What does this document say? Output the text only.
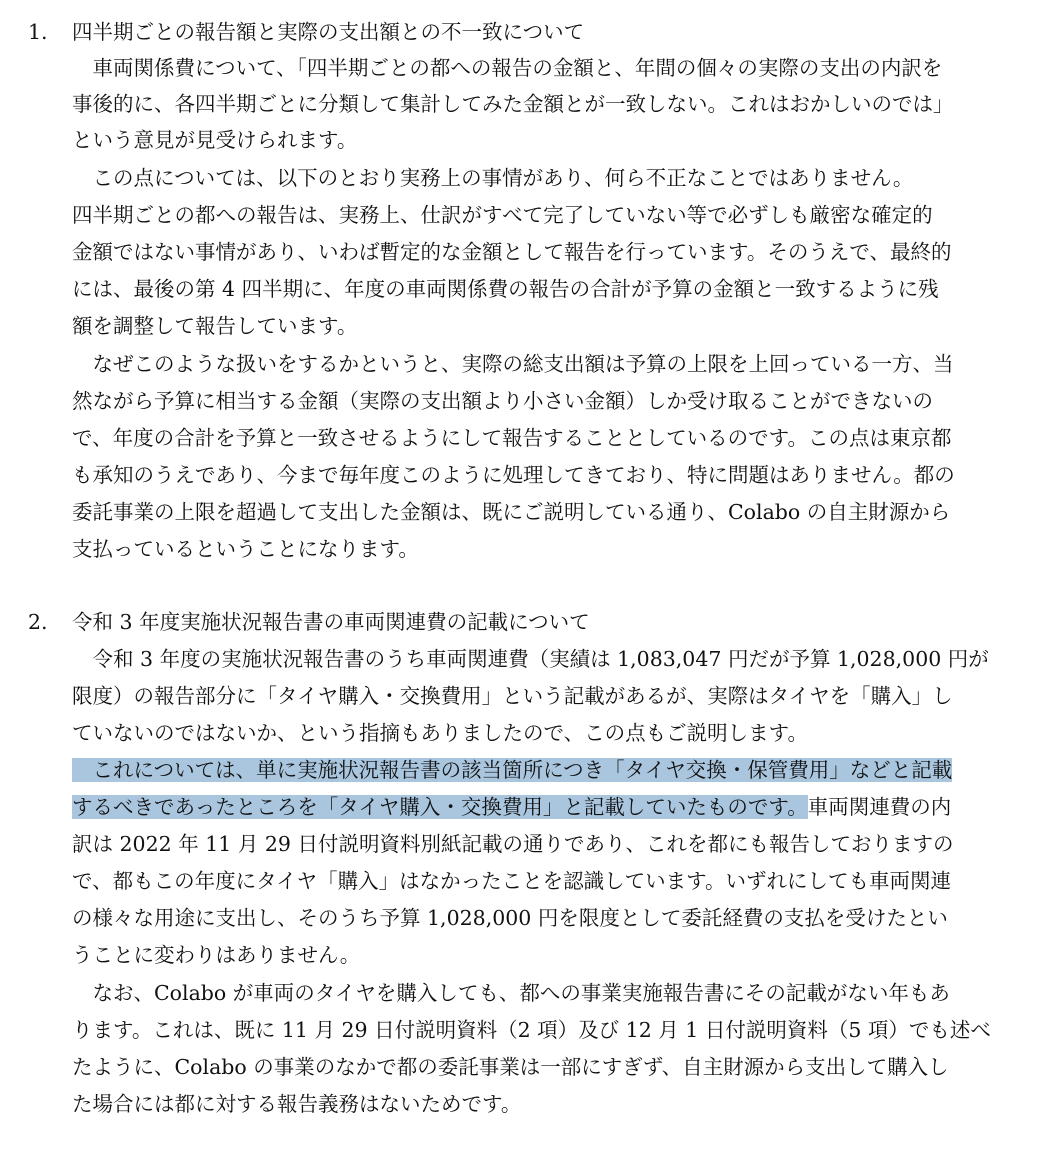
1. 四半期ごとの報告額と実際の支出額との不一致について
　車両関係費について、「四半期ごとの都への報告の金額と、年間の個々の実際の支出の内訳を
事後的に、各四半期ごとに分類して集計してみた金額とが一致しない。これはおかしいのでは」
という意見が見受けられます。
　この点については、以下のとおり実務上の事情があり、何ら不正なことではありません。
四半期ごとの都への報告は、実務上、仕訳がすべて完了していない等で必ずしも厳密な確定的
金額ではない事情があり、いわば暫定的な金額として報告を行っています。そのうえで、最終的
には、最後の第 4 四半期に、年度の車両関係費の報告の合計が予算の金額と一致するように残
額を調整して報告しています。
　なぜこのような扱いをするかというと、実際の総支出額は予算の上限を上回っている一方、当
然ながら予算に相当する金額（実際の支出額より小さい金額）しか受け取ることができないの
で、年度の合計を予算と一致させるようにして報告することとしているのです。この点は東京都
も承知のうえであり、今まで毎年度このように処理してきており、特に問題はありません。都の
委託事業の上限を超過して支出した金額は、既にご説明している通り、Colabo の自主財源から
支払っているということになります。
2. 令和 3 年度実施状況報告書の車両関連費の記載について
　令和 3 年度の実施状況報告書のうち車両関連費（実績は 1,083,047 円だが予算 1,028,000 円が
限度）の報告部分に「タイヤ購入・交換費用」という記載があるが、実際はタイヤを「購入」し
ていないのではないか、という指摘もありましたので、この点もご説明します。
　これについては、単に実施状況報告書の該当箇所につき「タイヤ交換・保管費用」などと記載
するべきであったところを「タイヤ購入・交換費用」と記載していたものです。車両関連費の内
訳は 2022 年 11 月 29 日付説明資料別紙記載の通りであり、これを都にも報告しておりますの
で、都もこの年度にタイヤ「購入」はなかったことを認識しています。いずれにしても車両関連
の様々な用途に支出し、そのうち予算 1,028,000 円を限度として委託経費の支払を受けたとい
うことに変わりはありません。
　なお、Colabo が車両のタイヤを購入しても、都への事業実施報告書にその記載がない年もあ
ります。これは、既に 11 月 29 日付説明資料（2 項）及び 12 月 1 日付説明資料（5 項）でも述べ
たように、Colabo の事業のなかで都の委託事業は一部にすぎず、自主財源から支出して購入し
た場合には都に対する報告義務はないためです。
